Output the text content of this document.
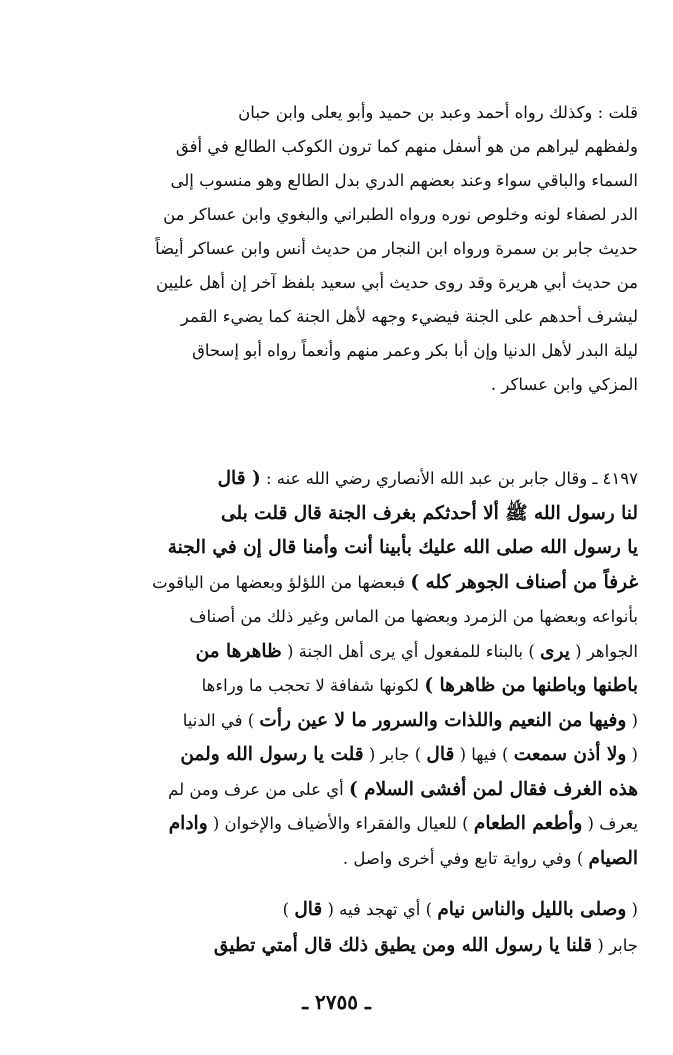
قلت : وكذلك رواه أحمد وعبد بن حميد وأبو يعلى وابن حبان
ولفظهم ليراهم من هو أسفل منهم كما ترون الكوكب الطالع في أفق
السماء والباقي سواء وعند بعضهم الدري بدل الطالع وهو منسوب إلى
الدر لصفاء لونه وخلوص نوره ورواه الطبراني والبغوي وابن عساكر من
حديث جابر بن سمرة ورواه ابن النجار من حديث أنس وابن عساكر أيضاً
من حديث أبي هريرة وقد روى حديث أبي سعيد بلفظ آخر إن أهل عليين
ليشرف أحدهم على الجنة فيضيء وجهه لأهل الجنة كما يضيء القمر
ليلة البدر لأهل الدنيا وإن أبا بكر وعمر منهم وأنعماً رواه أبو إسحاق
المزكي وابن عساكر .
٤١٩٧ ـ وقال جابر بن عبد الله الأنصاري رضي الله عنه : ( قال
لنا رسول الله ﷺ ألا أحدثكم بغرف الجنة قال قلت بلى
يا رسول الله صلى الله عليك بأبينا أنت وأمنا قال إن في الجنة
غرفاً من أصناف الجوهر كله ) فبعضها من اللؤلؤ وبعضها من الياقوت
بأنواعه وبعضها من الزمرد وبعضها من الماس وغير ذلك من أصناف
الجواهر ( يرى ) بالبناء للمفعول أي يرى أهل الجنة ( ظاهرها من
باطنها وباطنها من ظاهرها ) لكونها شفافة لا تحجب ما وراءها
( وفيها من النعيم واللذات والسرور ما لا عين رأت ) في الدنيا
( ولا أذن سمعت ) فيها ( قال ) جابر ( قلت يا رسول الله ولمن
هذه الغرف فقال لمن أفشى السلام ) أي على من عرف ومن لم
يعرف ( وأطعم الطعام ) للعيال والفقراء والأضياف والإخوان ( وادام
الصيام ) وفي رواية تابع وفي أخرى واصل .
( وصلى بالليل والناس نيام ) أي تهجد فيه ( قال )
جابر ( قلنا يا رسول الله ومن يطيق ذلك قال أمتي تطيق
ـ ٢٧٥٥ ـ
